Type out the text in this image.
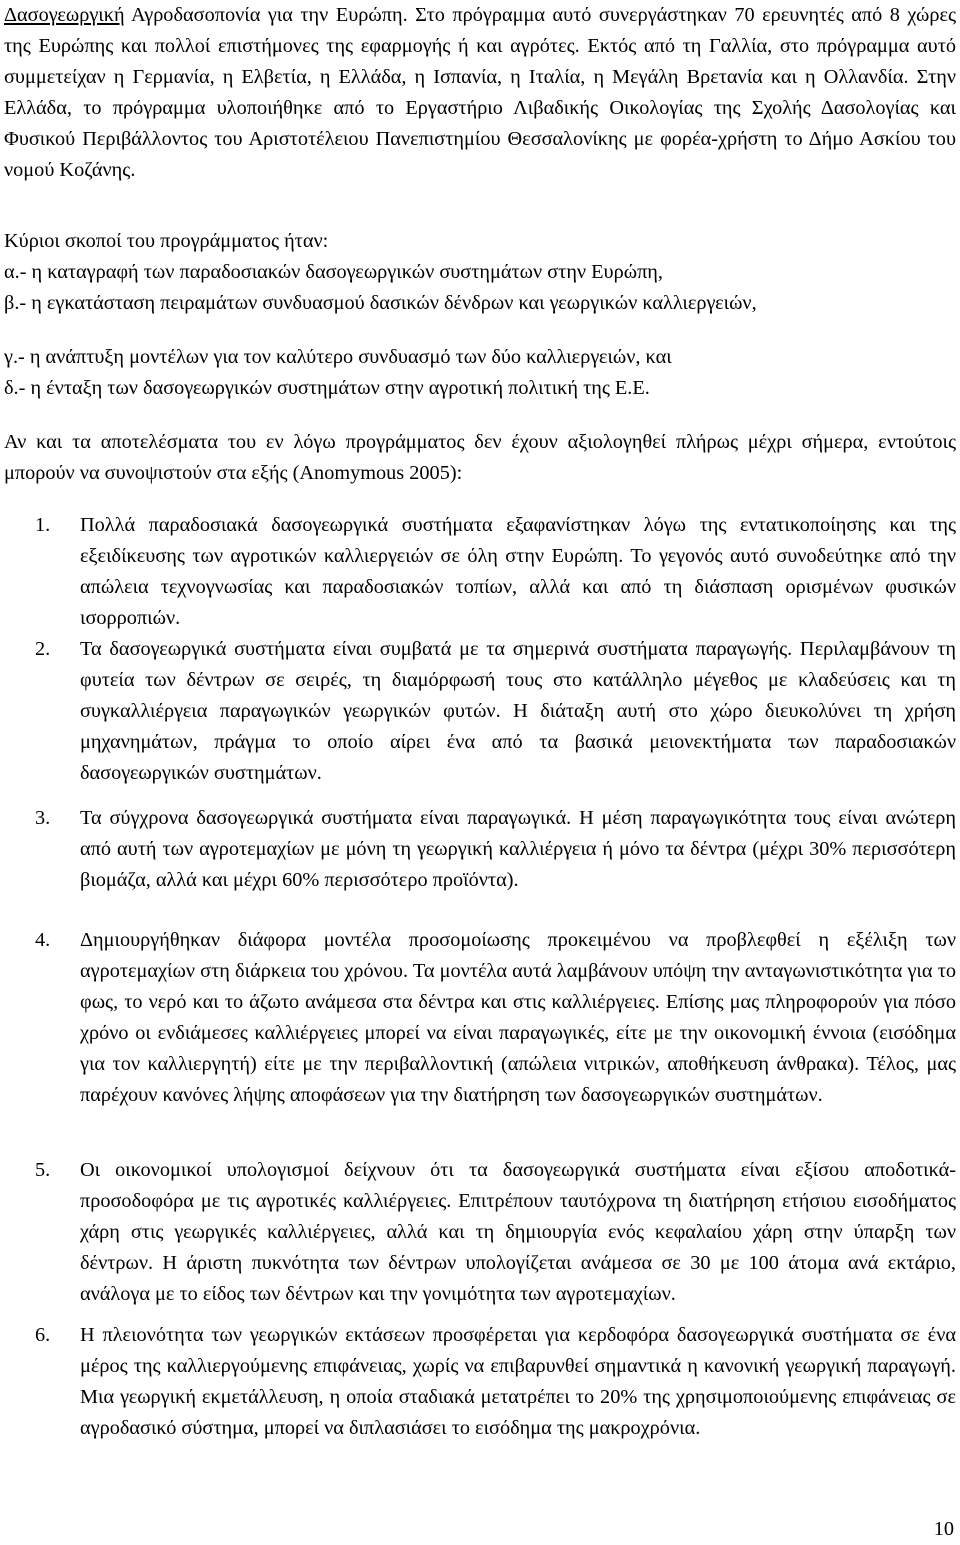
Δασογεωργική Αγροδασοπονία για την Ευρώπη. Στο πρόγραμμα αυτό συνεργάστηκαν 70 ερευνητές από 8 χώρες της Ευρώπης και πολλοί επιστήμονες της εφαρμογής ή και αγρότες. Εκτός από τη Γαλλία, στο πρόγραμμα αυτό συμμετείχαν η Γερμανία, η Ελβετία, η Ελλάδα, η Ισπανία, η Ιταλία, η Μεγάλη Βρετανία και η Ολλανδία. Στην Ελλάδα, το πρόγραμμα υλοποιήθηκε από το Εργαστήριο Λιβαδικής Οικολογίας της Σχολής Δασολογίας και Φυσικού Περιβάλλοντος του Αριστοτέλειου Πανεπιστημίου Θεσσαλονίκης με φορέα-χρήστη το Δήμο Ασκίου του νομού Κοζάνης.
Κύριοι σκοποί του προγράμματος ήταν:
α.- η καταγραφή των παραδοσιακών δασογεωργικών συστημάτων στην Ευρώπη,
β.- η εγκατάσταση πειραμάτων συνδυασμού δασικών δένδρων και γεωργικών καλλιεργειών,
γ.- η ανάπτυξη μοντέλων για τον καλύτερο συνδυασμό των δύο καλλιεργειών, και
δ.- η ένταξη των δασογεωργικών συστημάτων στην αγροτική πολιτική της Ε.Ε.
Αν και τα αποτελέσματα του εν λόγω προγράμματος δεν έχουν αξιολογηθεί πλήρως μέχρι σήμερα, εντούτοις μπορούν να συνοψιστούν στα εξής (Anomymous 2005):
1. Πολλά παραδοσιακά δασογεωργικά συστήματα εξαφανίστηκαν λόγω της εντατικοποίησης και της εξειδίκευσης των αγροτικών καλλιεργειών σε όλη στην Ευρώπη. Το γεγονός αυτό συνοδεύτηκε από την απώλεια τεχνογνωσίας και παραδοσιακών τοπίων, αλλά και από τη διάσπαση ορισμένων φυσικών ισορροπιών.
2. Τα δασογεωργικά συστήματα είναι συμβατά με τα σημερινά συστήματα παραγωγής. Περιλαμβάνουν τη φυτεία των δέντρων σε σειρές, τη διαμόρφωσή τους στο κατάλληλο μέγεθος με κλαδεύσεις και τη συγκαλλιέργεια παραγωγικών γεωργικών φυτών. Η διάταξη αυτή στο χώρο διευκολύνει τη χρήση μηχανημάτων, πράγμα το οποίο αίρει ένα από τα βασικά μειονεκτήματα των παραδοσιακών δασογεωργικών συστημάτων.
3. Τα σύγχρονα δασογεωργικά συστήματα είναι παραγωγικά. Η μέση παραγωγικότητα τους είναι ανώτερη από αυτή των αγροτεμαχίων με μόνη τη γεωργική καλλιέργεια ή μόνο τα δέντρα (μέχρι 30% περισσότερη βιομάζα, αλλά και μέχρι 60% περισσότερο προϊόντα).
4. Δημιουργήθηκαν διάφορα μοντέλα προσομοίωσης προκειμένου να προβλεφθεί η εξέλιξη των αγροτεμαχίων στη διάρκεια του χρόνου. Τα μοντέλα αυτά λαμβάνουν υπόψη την ανταγωνιστικότητα για το φως, το νερό και το άζωτο ανάμεσα στα δέντρα και στις καλλιέργειες. Επίσης μας πληροφορούν για πόσο χρόνο οι ενδιάμεσες καλλιέργειες μπορεί να είναι παραγωγικές, είτε με την οικονομική έννοια (εισόδημα για τον καλλιεργητή) είτε με την περιβαλλοντική (απώλεια νιτρικών, αποθήκευση άνθρακα). Τέλος, μας παρέχουν κανόνες λήψης αποφάσεων για την διατήρηση των δασογεωργικών συστημάτων.
5. Οι οικονομικοί υπολογισμοί δείχνουν ότι τα δασογεωργικά συστήματα είναι εξίσου αποδοτικά-προσοδοφόρα με τις αγροτικές καλλιέργειες. Επιτρέπουν ταυτόχρονα τη διατήρηση ετήσιου εισοδήματος χάρη στις γεωργικές καλλιέργειες, αλλά και τη δημιουργία ενός κεφαλαίου χάρη στην ύπαρξη των δέντρων. Η άριστη πυκνότητα των δέντρων υπολογίζεται ανάμεσα σε 30 με 100 άτομα ανά εκτάριο, ανάλογα με το είδος των δέντρων και την γονιμότητα των αγροτεμαχίων.
6. Η πλειονότητα των γεωργικών εκτάσεων προσφέρεται για κερδοφόρα δασογεωργικά συστήματα σε ένα μέρος της καλλιεργούμενης επιφάνειας, χωρίς να επιβαρυνθεί σημαντικά η κανονική γεωργική παραγωγή. Μια γεωργική εκμετάλλευση, η οποία σταδιακά μετατρέπει το 20% της χρησιμοποιούμενης επιφάνειας σε αγροδασικό σύστημα, μπορεί να διπλασιάσει το εισόδημα της μακροχρόνια.
10
